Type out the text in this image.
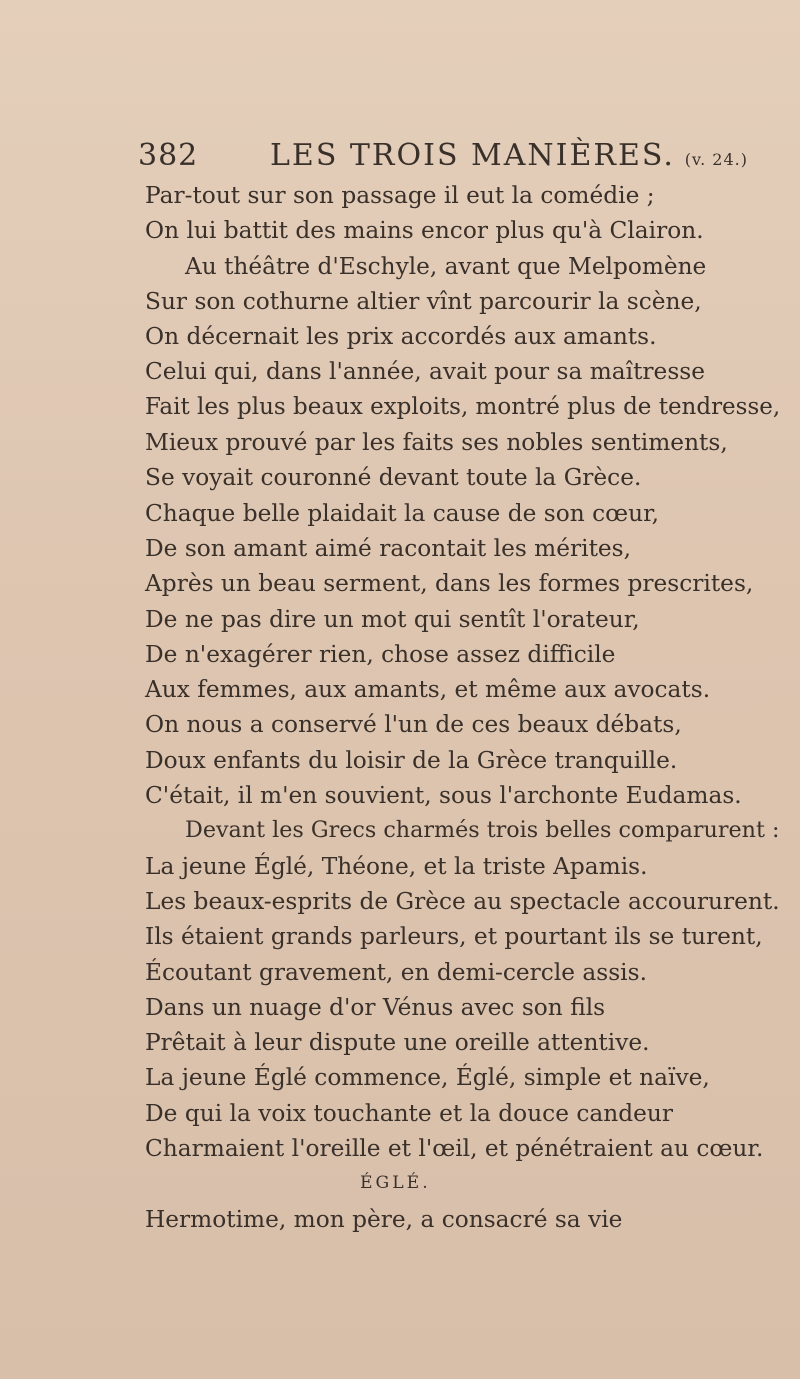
382 LES TROIS MANIÈRES. (v. 24.)
Par-tout sur son passage il eut la comédie ;
On lui battit des mains encor plus qu'à Clairon.
Au théâtre d'Eschyle, avant que Melpomène
Sur son cothurne altier vînt parcourir la scène,
On décernait les prix accordés aux amants.
Celui qui, dans l'année, avait pour sa maîtresse
Fait les plus beaux exploits, montré plus de tendresse,
Mieux prouvé par les faits ses nobles sentiments,
Se voyait couronné devant toute la Grèce.
Chaque belle plaidait la cause de son cœur,
De son amant aimé racontait les mérites,
Après un beau serment, dans les formes prescrites,
De ne pas dire un mot qui sentît l'orateur,
De n'exagérer rien, chose assez difficile
Aux femmes, aux amants, et même aux avocats.
On nous a conservé l'un de ces beaux débats,
Doux enfants du loisir de la Grèce tranquille.
C'était, il m'en souvient, sous l'archonte Eudamas.
Devant les Grecs charmés trois belles comparurent :
La jeune Églé, Théone, et la triste Apamis.
Les beaux-esprits de Grèce au spectacle accoururent.
Ils étaient grands parleurs, et pourtant ils se turent,
Écoutant gravement, en demi-cercle assis.
Dans un nuage d'or Vénus avec son fils
Prêtait à leur dispute une oreille attentive.
La jeune Églé commence, Églé, simple et naïve,
De qui la voix touchante et la douce candeur
Charmaient l'oreille et l'œil, et pénétraient au cœur.
ÉGLÉ.
Hermotime, mon père, a consacré sa vie
